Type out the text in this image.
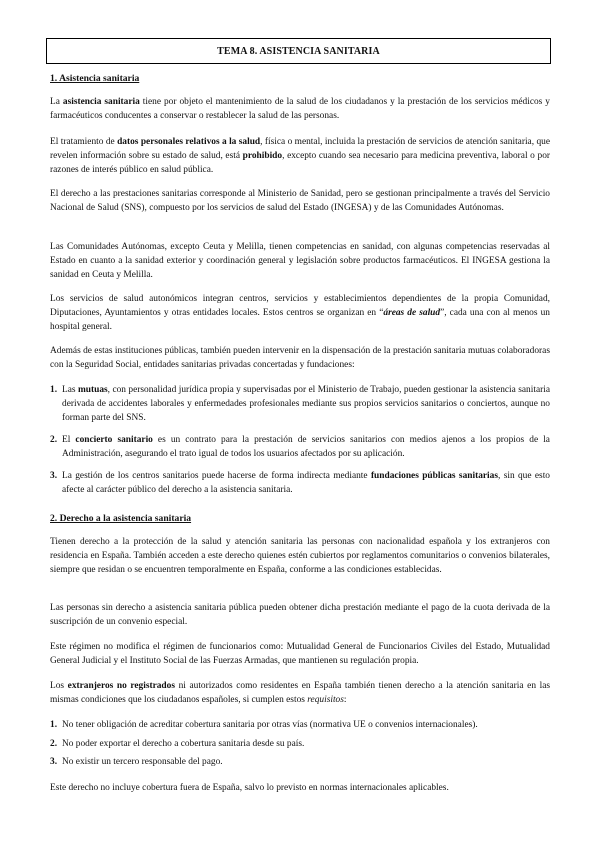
TEMA 8. ASISTENCIA SANITARIA
1. Asistencia sanitaria
La asistencia sanitaria tiene por objeto el mantenimiento de la salud de los ciudadanos y la prestación de los servicios médicos y farmacéuticos conducentes a conservar o restablecer la salud de las personas.
El tratamiento de datos personales relativos a la salud, física o mental, incluida la prestación de servicios de atención sanitaria, que revelen información sobre su estado de salud, está prohibido, excepto cuando sea necesario para medicina preventiva, laboral o por razones de interés público en salud pública.
El derecho a las prestaciones sanitarias corresponde al Ministerio de Sanidad, pero se gestionan principalmente a través del Servicio Nacional de Salud (SNS), compuesto por los servicios de salud del Estado (INGESA) y de las Comunidades Autónomas.
Las Comunidades Autónomas, excepto Ceuta y Melilla, tienen competencias en sanidad, con algunas competencias reservadas al Estado en cuanto a la sanidad exterior y coordinación general y legislación sobre productos farmacéuticos. El INGESA gestiona la sanidad en Ceuta y Melilla.
Los servicios de salud autonómicos integran centros, servicios y establecimientos dependientes de la propia Comunidad, Diputaciones, Ayuntamientos y otras entidades locales. Estos centros se organizan en “áreas de salud”, cada una con al menos un hospital general.
Además de estas instituciones públicas, también pueden intervenir en la dispensación de la prestación sanitaria mutuas colaboradoras con la Seguridad Social, entidades sanitarias privadas concertadas y fundaciones:
1. Las mutuas, con personalidad jurídica propia y supervisadas por el Ministerio de Trabajo, pueden gestionar la asistencia sanitaria derivada de accidentes laborales y enfermedades profesionales mediante sus propios servicios sanitarios o conciertos, aunque no forman parte del SNS.
2. El concierto sanitario es un contrato para la prestación de servicios sanitarios con medios ajenos a los propios de la Administración, asegurando el trato igual de todos los usuarios afectados por su aplicación.
3. La gestión de los centros sanitarios puede hacerse de forma indirecta mediante fundaciones públicas sanitarias, sin que esto afecte al carácter público del derecho a la asistencia sanitaria.
2. Derecho a la asistencia sanitaria
Tienen derecho a la protección de la salud y atención sanitaria las personas con nacionalidad española y los extranjeros con residencia en España. También acceden a este derecho quienes estén cubiertos por reglamentos comunitarios o convenios bilaterales, siempre que residan o se encuentren temporalmente en España, conforme a las condiciones establecidas.
Las personas sin derecho a asistencia sanitaria pública pueden obtener dicha prestación mediante el pago de la cuota derivada de la suscripción de un convenio especial.
Este régimen no modifica el régimen de funcionarios como: Mutualidad General de Funcionarios Civiles del Estado, Mutualidad General Judicial y el Instituto Social de las Fuerzas Armadas, que mantienen su regulación propia.
Los extranjeros no registrados ni autorizados como residentes en España también tienen derecho a la atención sanitaria en las mismas condiciones que los ciudadanos españoles, si cumplen estos requisitos:
1. No tener obligación de acreditar cobertura sanitaria por otras vías (normativa UE o convenios internacionales).
2. No poder exportar el derecho a cobertura sanitaria desde su país.
3. No existir un tercero responsable del pago.
Este derecho no incluye cobertura fuera de España, salvo lo previsto en normas internacionales aplicables.
